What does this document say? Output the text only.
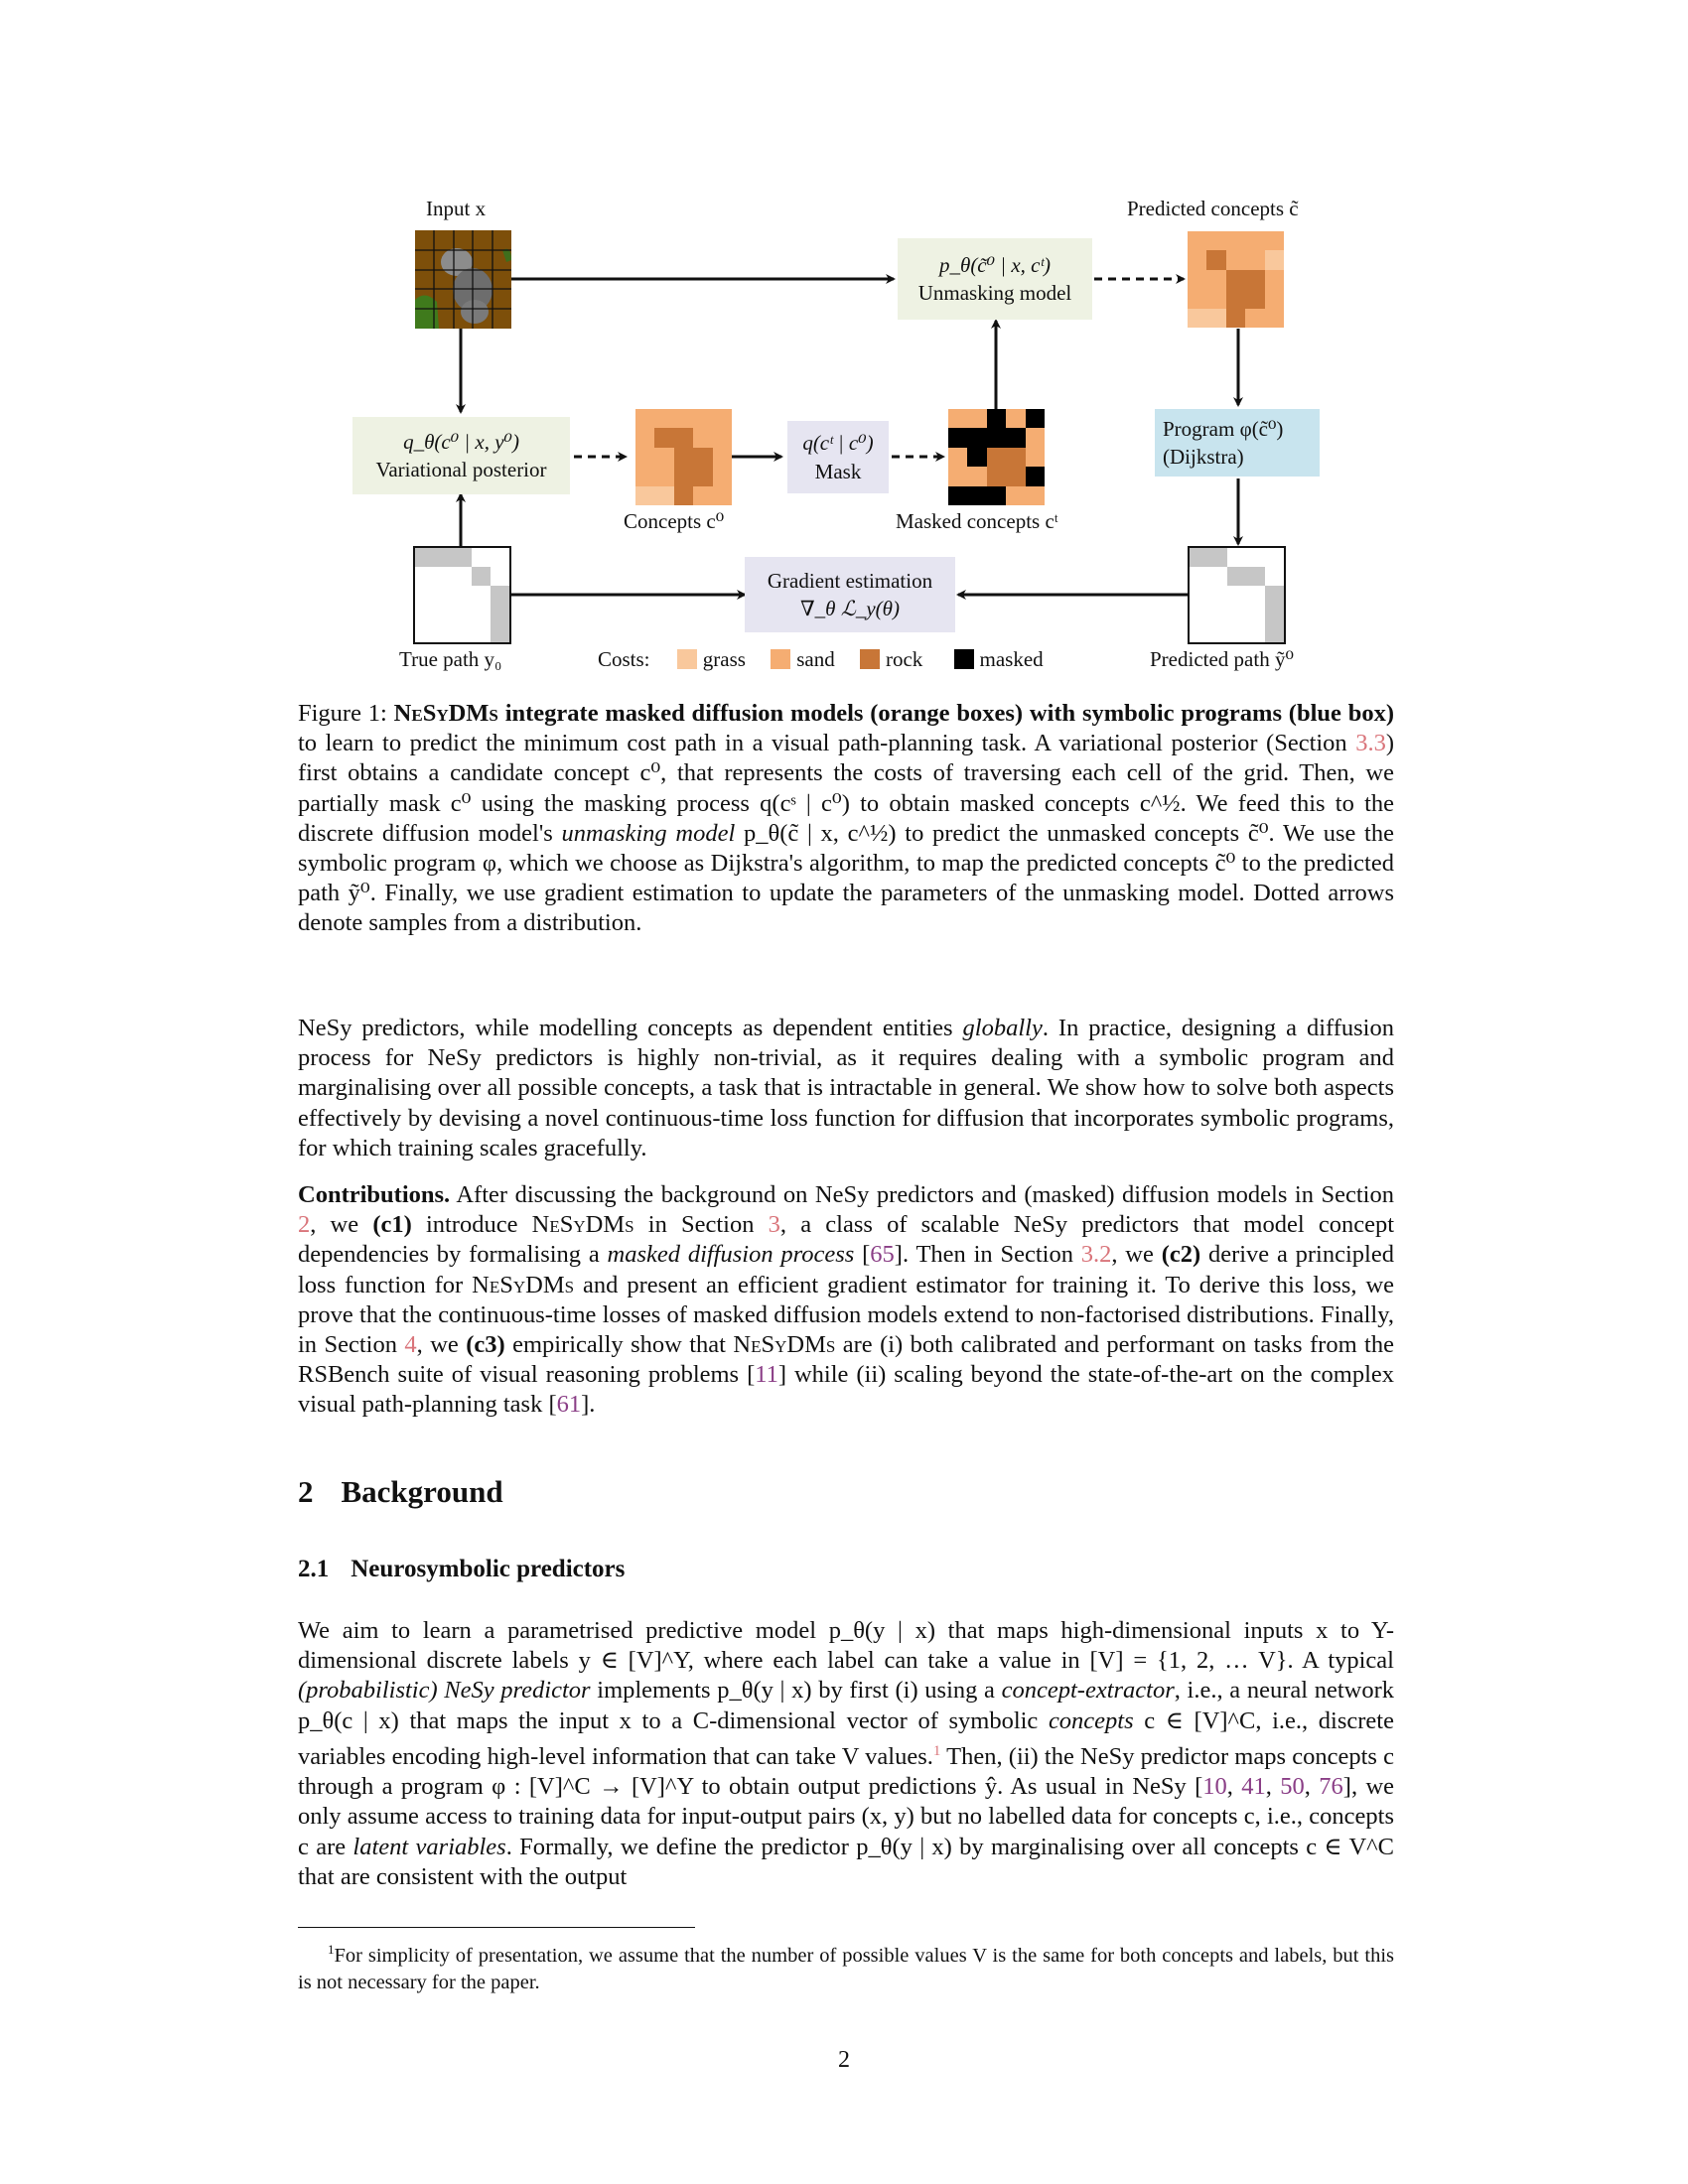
Input x
p_θ(c̃⁰ | x, cᵗ)
Unmasking model
Predicted concepts c̃
q_θ(c⁰ | x, y⁰)
Variational posterior
Concepts c⁰
q(cᵗ | c⁰)
Mask
Masked concepts cᵗ
Program φ(c̃⁰)
(Dijkstra)
True path y₀
Gradient estimation
∇_θ ℒ_y(θ)
Predicted path ỹ⁰
Costs:	grass sand rock	masked
Figure 1: NeSyDMs integrate masked diffusion models (orange boxes) with symbolic programs (blue box) to learn to predict the minimum cost path in a visual path-planning task. A variational posterior (Section 3.3) first obtains a candidate concept c⁰, that represents the costs of traversing each cell of the grid. Then, we partially mask c⁰ using the masking process q(cˢ | c⁰) to obtain masked concepts c^½. We feed this to the discrete diffusion model's unmasking model p_θ(c̃ | x, c^½) to predict the unmasked concepts c̃⁰. We use the symbolic program φ, which we choose as Dijkstra's algorithm, to map the predicted concepts c̃⁰ to the predicted path ỹ⁰. Finally, we use gradient estimation to update the parameters of the unmasking model. Dotted arrows denote samples from a distribution.
NeSy predictors, while modelling concepts as dependent entities globally. In practice, designing a diffusion process for NeSy predictors is highly non-trivial, as it requires dealing with a symbolic program and marginalising over all possible concepts, a task that is intractable in general. We show how to solve both aspects effectively by devising a novel continuous-time loss function for diffusion that incorporates symbolic programs, for which training scales gracefully.
Contributions. After discussing the background on NeSy predictors and (masked) diffusion models in Section 2, we (c1) introduce NeSyDMs in Section 3, a class of scalable NeSy predictors that model concept dependencies by formalising a masked diffusion process [65]. Then in Section 3.2, we (c2) derive a principled loss function for NeSyDMs and present an efficient gradient estimator for training it. To derive this loss, we prove that the continuous-time losses of masked diffusion models extend to non-factorised distributions. Finally, in Section 4, we (c3) empirically show that NeSyDMs are (i) both calibrated and performant on tasks from the RSBench suite of visual reasoning problems [11] while (ii) scaling beyond the state-of-the-art on the complex visual path-planning task [61].
2 Background
2.1 Neurosymbolic predictors
We aim to learn a parametrised predictive model p_θ(y | x) that maps high-dimensional inputs x to Y-dimensional discrete labels y ∈ [V]^Y, where each label can take a value in [V] = {1, 2, … V}. A typical (probabilistic) NeSy predictor implements p_θ(y | x) by first (i) using a concept-extractor, i.e., a neural network p_θ(c | x) that maps the input x to a C-dimensional vector of symbolic concepts c ∈ [V]^C, i.e., discrete variables encoding high-level information that can take V values.$^1$ Then, (ii) the NeSy predictor maps concepts c through a program φ : [V]^C → [V]^Y to obtain output predictions ŷ. As usual in NeSy [10, 41, 50, 76], we only assume access to training data for input-output pairs (x, y) but no labelled data for concepts c, i.e., concepts c are latent variables. Formally, we define the predictor p_θ(y | x) by marginalising over all concepts c ∈ V^C that are consistent with the output
$^1$For simplicity of presentation, we assume that the number of possible values V is the same for both concepts and labels, but this is not necessary for the paper.
2
